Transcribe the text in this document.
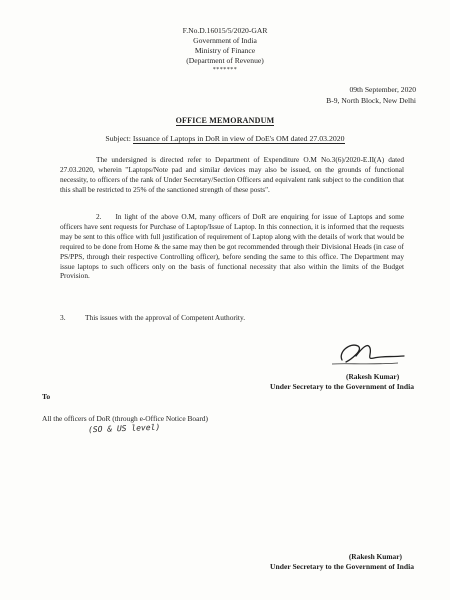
F.No.D.16015/5/2020-GAR
Government of India
Ministry of Finance
(Department of Revenue)
*******
09th September, 2020
B-9, North Block, New Delhi
OFFICE MEMORANDUM
Subject: Issuance of Laptops in DoR in view of DoE's OM dated 27.03.2020
The undersigned is directed refer to Department of Expenditure O.M No.3(6)/2020-E.II(A) dated 27.03.2020, wherein "Laptops/Note pad and similar devices may also be issued, on the grounds of functional necessity, to officers of the rank of Under Secretary/Section Officers and equivalent rank subject to the condition that this shall be restricted to 25% of the sanctioned strength of these posts".
2. In light of the above O.M, many officers of DoR are enquiring for issue of Laptops and some officers have sent requests for Purchase of Laptop/Issue of Laptop. In this connection, it is informed that the requests may be sent to this office with full justification of requirement of Laptop along with the details of work that would be required to be done from Home & the same may then be got recommended through their Divisional Heads (in case of PS/PPS, through their respective Controlling officer), before sending the same to this office. The Department may issue laptops to such officers only on the basis of functional necessity that also within the limits of the Budget Provision.
3.	This issues with the approval of Competent Authority.
(Rakesh Kumar)
Under Secretary to the Government of India
To
All the officers of DoR (through e-Office Notice Board)
(SO & US level)
(Rakesh Kumar)
Under Secretary to the Government of India
